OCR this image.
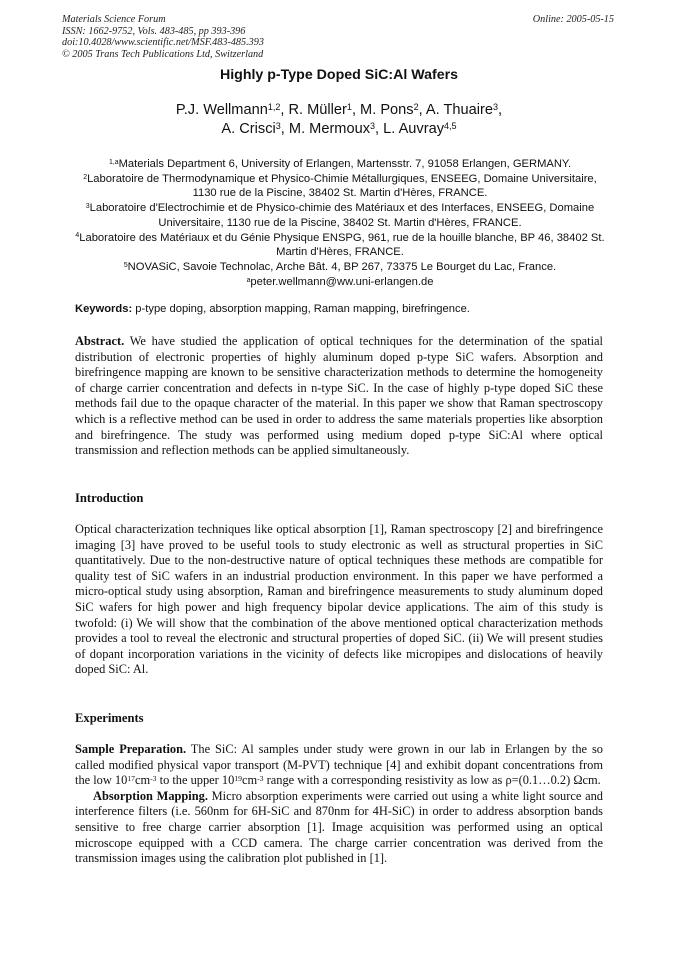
Materials Science Forum
ISSN: 1662-9752, Vols. 483-485, pp 393-396
doi:10.4028/www.scientific.net/MSF.483-485.393
© 2005 Trans Tech Publications Ltd, Switzerland
Online: 2005-05-15
Highly p-Type Doped SiC:Al Wafers
P.J. Wellmann$^{1,2}$, R. Müller$^1$, M. Pons$^2$, A. Thuaire$^3$,
A. Crisci$^3$, M. Mermoux$^3$, L. Auvray$^{4,5}$
$^{1,a}$Materials Department 6, University of Erlangen, Martensstr. 7, 91058 Erlangen, GERMANY.
$^2$Laboratoire de Thermodynamique et Physico-Chimie Métallurgiques, ENSEEG, Domaine Universitaire, 1130 rue de la Piscine, 38402 St. Martin d'Hères, FRANCE.
$^3$Laboratoire d'Electrochimie et de Physico-chimie des Matériaux et des Interfaces, ENSEEG, Domaine Universitaire, 1130 rue de la Piscine, 38402 St. Martin d'Hères, FRANCE.
$^4$Laboratoire des Matériaux et du Génie Physique ENSPG, 961, rue de la houille blanche, BP 46, 38402 St. Martin d'Hères, FRANCE.
$^5$NOVASiC, Savoie Technolac, Arche Bât. 4, BP 267, 73375 Le Bourget du Lac, France.
$^a$peter.wellmann@ww.uni-erlangen.de
Keywords: p-type doping, absorption mapping, Raman mapping, birefringence.

Abstract. We have studied the application of optical techniques for the determination of the spatial distribution of electronic properties of highly aluminum doped p-type SiC wafers. Absorption and birefringence mapping are known to be sensitive characterization methods to determine the homogeneity of charge carrier concentration and defects in n-type SiC. In the case of highly p-type doped SiC these methods fail due to the opaque character of the material. In this paper we show that Raman spectroscopy which is a reflective method can be used in order to address the same materials properties like absorption and birefringence. The study was performed using medium doped p-type SiC:Al where optical transmission and reflection methods can be applied simultaneously.

Introduction

Optical characterization techniques like optical absorption [1], Raman spectroscopy [2] and birefringence imaging [3] have proved to be useful tools to study electronic as well as structural properties in SiC quantitatively. Due to the non-destructive nature of optical techniques these methods are compatible for quality test of SiC wafers in an industrial production environment. In this paper we have performed a micro-optical study using absorption, Raman and birefringence measurements to study aluminum doped SiC wafers for high power and high frequency bipolar device applications. The aim of this study is twofold: (i) We will show that the combination of the above mentioned optical characterization methods provides a tool to reveal the electronic and structural properties of doped SiC. (ii) We will present studies of dopant incorporation variations in the vicinity of defects like micropipes and dislocations of heavily doped SiC: Al.

Experiments

Sample Preparation. The SiC: Al samples under study were grown in our lab in Erlangen by the so called modified physical vapor transport (M-PVT) technique [4] and exhibit dopant concentrations from the low $10^{17}cm^{-3}$ to the upper $10^{19}cm^{-3}$ range with a corresponding resistivity as low as ρ=(0.1…0.2) Ωcm.

Absorption Mapping. Micro absorption experiments were carried out using a white light source and interference filters (i.e. 560nm for 6H-SiC and 870nm for 4H-SiC) in order to address absorption bands sensitive to free charge carrier absorption [1]. Image acquisition was performed using an optical microscope equipped with a CCD camera. The charge carrier concentration was derived from the transmission images using the calibration plot published in [1].
